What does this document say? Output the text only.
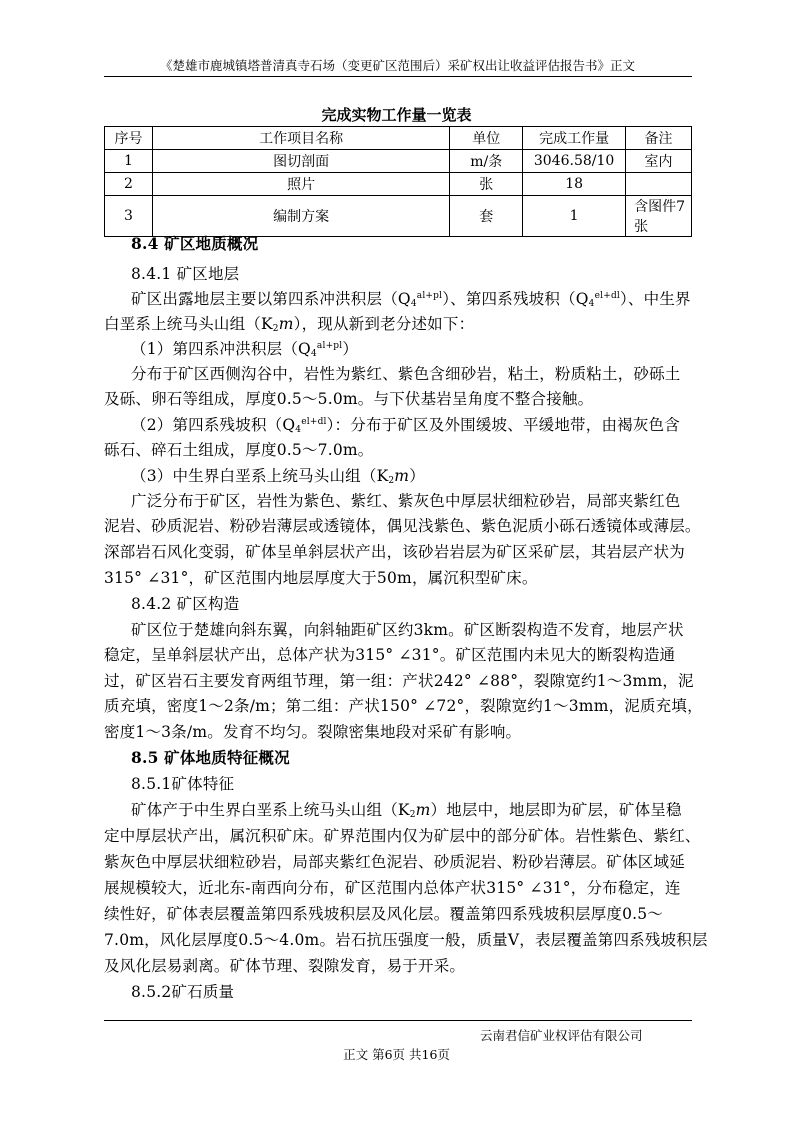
《楚雄市鹿城镇塔普清真寺石场（变更矿区范围后）采矿权出让收益评估报告书》正文
完成实物工作量一览表
序号	工作项目名称	单位	完成工作量	备注
1	图切剖面	m/条	3046.58/10	室内
2	照片	张	18	
3	编制方案	套	1	含图件7张
8.4 矿区地质概况
8.4.1 矿区地层
矿区出露地层主要以第四系冲洪积层$(Q_4^{al+pl})$、第四系残坡积$(Q_4^{el+dl})$、中生界
白垩系上统马头山组$(K_2m)$，现从新到老分述如下：
（1）第四系冲洪积层$(Q_4^{al+pl})$
分布于矿区西侧沟谷中，岩性为紫红、紫色含细砂岩，粘土，粉质粘土，砂砾土
及砾、卵石等组成，厚度0.5～5.0m。与下伏基岩呈角度不整合接触。
（2）第四系残坡积$(Q_4^{el+dl})$：分布于矿区及外围缓坡、平缓地带，由褐灰色含
砾石、碎石土组成，厚度0.5～7.0m。
（3）中生界白垩系上统马头山组$(K_2m)$
广泛分布于矿区，岩性为紫色、紫红、紫灰色中厚层状细粒砂岩，局部夹紫红色
泥岩、砂质泥岩、粉砂岩薄层或透镜体，偶见浅紫色、紫色泥质小砾石透镜体或薄层。
深部岩石风化变弱，矿体呈单斜层状产出，该砂岩岩层为矿区采矿层，其岩层产状为
315° ∠31°，矿区范围内地层厚度大于50m，属沉积型矿床。
8.4.2 矿区构造
矿区位于楚雄向斜东翼，向斜轴距矿区约3km。矿区断裂构造不发育，地层产状
稳定，呈单斜层状产出，总体产状为315° ∠31°。矿区范围内未见大的断裂构造通
过，矿区岩石主要发育两组节理，第一组：产状242° ∠88°，裂隙宽约1～3mm，泥
质充填，密度1～2条/m；第二组：产状150° ∠72°，裂隙宽约1～3mm，泥质充填，
密度1～3条/m。发育不均匀。裂隙密集地段对采矿有影响。
8.5 矿体地质特征概况
8.5.1矿体特征
矿体产于中生界白垩系上统马头山组$(K_2m)$地层中，地层即为矿层，矿体呈稳
定中厚层状产出，属沉积矿床。矿界范围内仅为矿层中的部分矿体。岩性紫色、紫红、
紫灰色中厚层状细粒砂岩，局部夹紫红色泥岩、砂质泥岩、粉砂岩薄层。矿体区域延
展规模较大，近北东-南西向分布，矿区范围内总体产状315° ∠31°，分布稳定，连
续性好，矿体表层覆盖第四系残坡积层及风化层。覆盖第四系残坡积层厚度0.5～
7.0m，风化层厚度0.5～4.0m。岩石抗压强度一般，质量V，表层覆盖第四系残坡积层
及风化层易剥离。矿体节理、裂隙发育，易于开采。
8.5.2矿石质量
云南君信矿业权评估有限公司
正文 第6页 共16页
